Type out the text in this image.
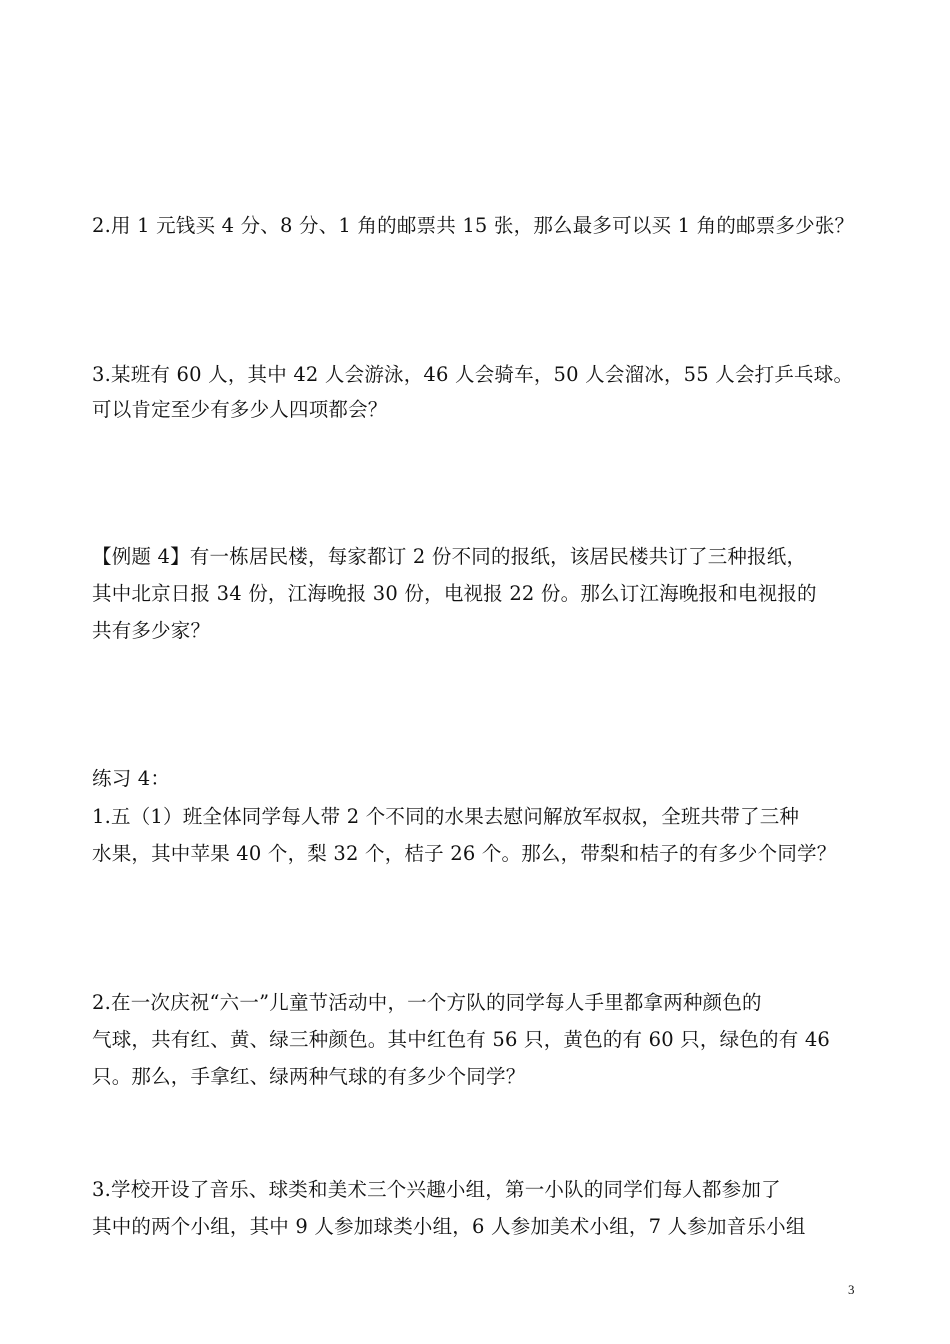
2.用 1 元钱买 4 分、8 分、1 角的邮票共 15 张，那么最多可以买 1 角的邮票多少张？
3.某班有 60 人，其中 42 人会游泳，46 人会骑车，50 人会溜冰，55 人会打乒乓球。
可以肯定至少有多少人四项都会？
【例题 4】有一栋居民楼，每家都订 2 份不同的报纸，该居民楼共订了三种报纸，
其中北京日报 34 份，江海晚报 30 份，电视报 22 份。那么订江海晚报和电视报的
共有多少家？
练习 4：
1.五（1）班全体同学每人带 2 个不同的水果去慰问解放军叔叔，全班共带了三种
水果，其中苹果 40 个，梨 32 个，桔子 26 个。那么，带梨和桔子的有多少个同学？
2.在一次庆祝“六一”儿童节活动中，一个方队的同学每人手里都拿两种颜色的
气球，共有红、黄、绿三种颜色。其中红色有 56 只，黄色的有 60 只，绿色的有 46
只。那么，手拿红、绿两种气球的有多少个同学？
3.学校开设了音乐、球类和美术三个兴趣小组，第一小队的同学们每人都参加了
其中的两个小组，其中 9 人参加球类小组，6 人参加美术小组，7 人参加音乐小组
3
